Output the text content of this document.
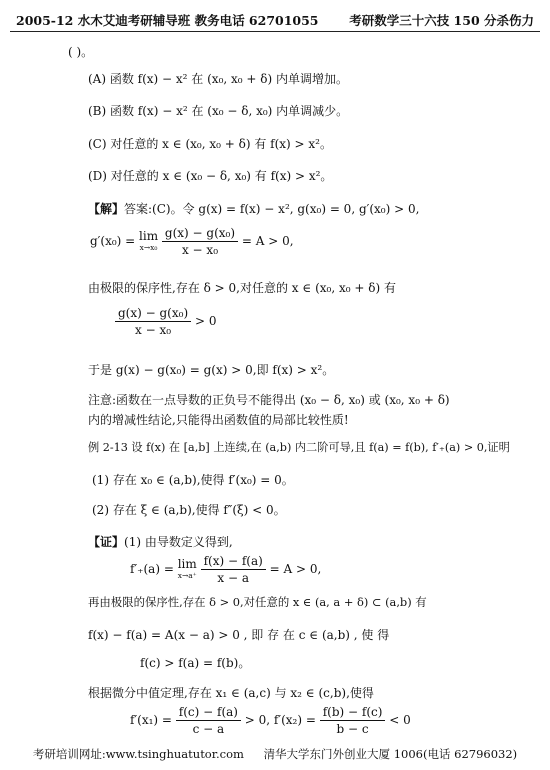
2005-12 水木艾迪考研辅导班 教务电话 62701055 考研数学三十六技 150 分杀伤力
( )。
(A) 函数 f(x) − x² 在 (x₀, x₀ + δ) 内单调增加。
(B) 函数 f(x) − x² 在 (x₀ − δ, x₀) 内单调减少。
(C) 对任意的 x ∈ (x₀, x₀ + δ) 有 f(x) > x²。
(D) 对任意的 x ∈ (x₀ − δ, x₀) 有 f(x) > x²。
【解】答案:(C)。令 g(x) = f(x) − x², g(x₀) = 0, g′(x₀) > 0,
g′(x₀) = lim
x→x₀
$\frac{\text{g(x) − g(x₀)}}{\text{x − x₀}} = A > 0$,
由极限的保序性,存在 δ > 0,对任意的 x ∈ (x₀, x₀ + δ) 有
$\frac{\text{g(x) − g(x₀)}}{\text{x − x₀}} > 0$
于是 g(x) − g(x₀) = g(x) > 0,即 f(x) > x²。
注意:函数在一点导数的正负号不能得出 (x₀ − δ, x₀) 或 (x₀, x₀ + δ)
内的增减性结论,只能得出函数值的局部比较性质!
例 2-13 设 f(x) 在 [a,b] 上连续,在 (a,b) 内二阶可导,且 f(a) = f(b), f′₊(a) > 0,证明
(1) 存在 x₀ ∈ (a,b),使得 f′(x₀) = 0。
(2) 存在 ξ ∈ (a,b),使得 f″(ξ) < 0。
【证】(1) 由导数定义得到,
f′₊(a) = lim
x→a⁺
$\frac{f(x) - f(a)}{x - a} = A > 0$,
再由极限的保序性,存在 δ > 0,对任意的 x ∈ (a, a + δ) ⊂ (a,b) 有
f(x) − f(a) = A(x − a) > 0 , 即 存 在 c ∈ (a,b) , 使 得
f(c) > f(a) = f(b)。
根据微分中值定理,存在 x₁ ∈ (a,c) 与 x₂ ∈ (c,b),使得
$f'(x_1) = \frac{f(c) - f(a)}{c - a} > 0$, $f'(x_2) = \frac{f(b) - f(c)}{b - c} < 0$
考研培训网址:www.tsinghuatutor.com 清华大学东门外创业大厦 1006(电话 62796032)
